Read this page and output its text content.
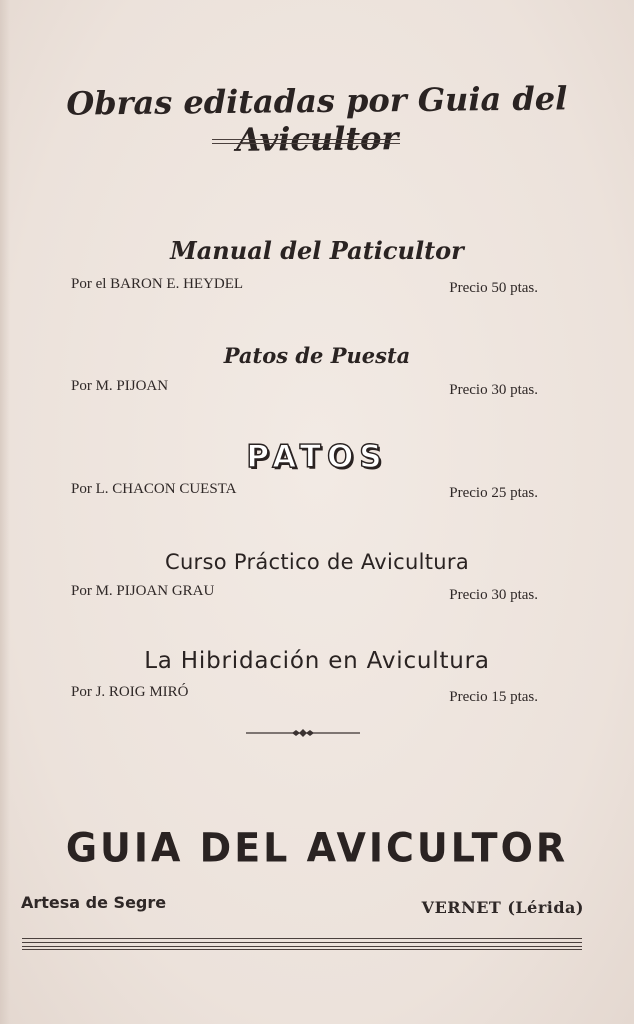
Obras editadas por Guia del Avicultor
Manual del Paticultor
Por el BARON E. HEYDEL	Precio 50 ptas.
Patos de Puesta
Por M. PIJOAN	Precio 30 ptas.
PATOS
Por L. CHACON CUESTA	Precio 25 ptas.
Curso Práctico de Avicultura
Por M. PIJOAN GRAU	Precio 30 ptas.
La Hibridación en Avicultura
Por J. ROIG MIRÓ	Precio 15 ptas.
GUIA DEL AVICULTOR
Artesa de Segre	VERNET (Lérida)
